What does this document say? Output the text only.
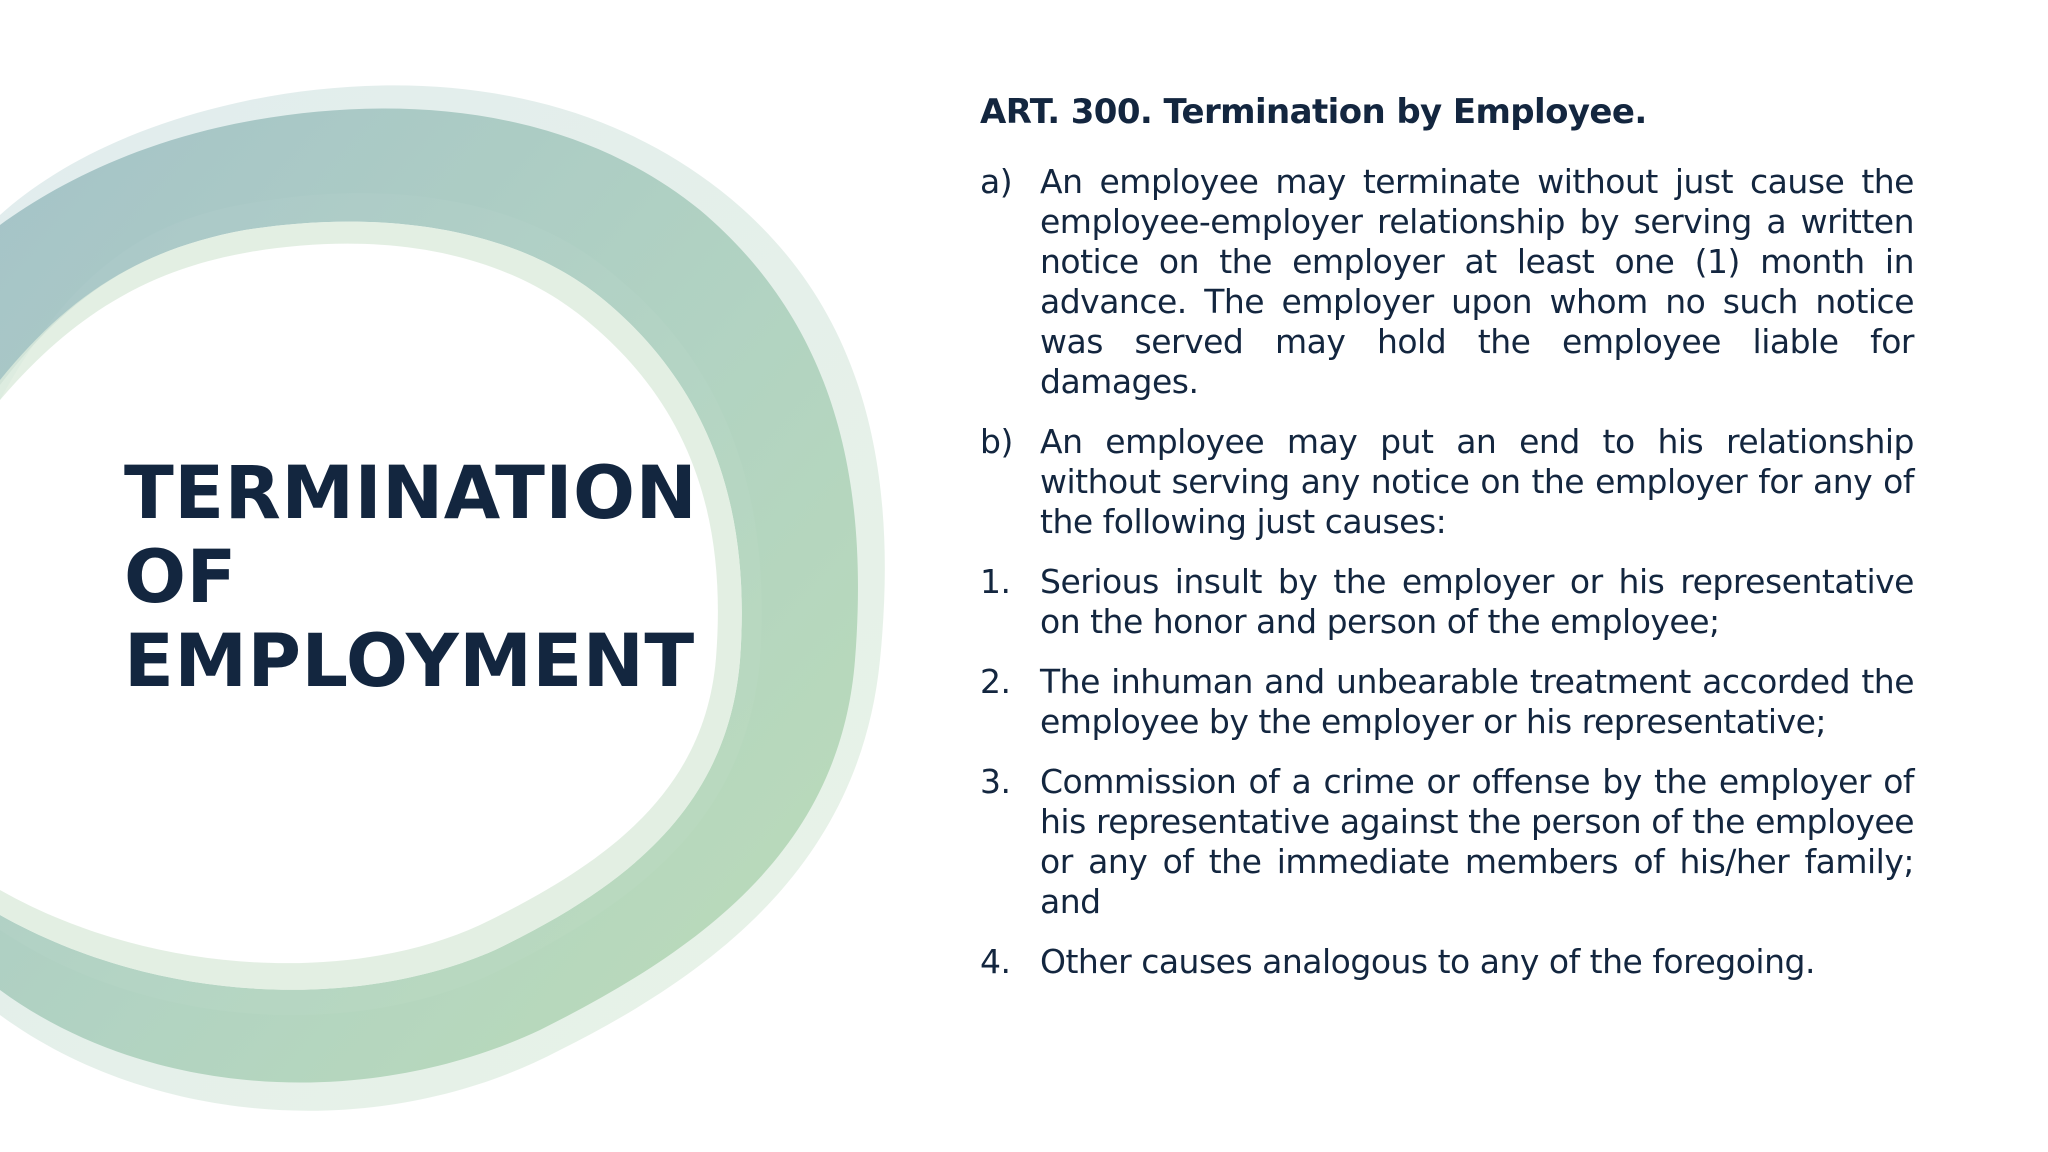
TERMINATION
OF
EMPLOYMENT

ART. 300. Termination by Employee.

a) An employee may terminate without just cause the employee-employer relationship by serving a written notice on the employer at least one (1) month in advance. The employer upon whom no such notice was served may hold the employee liable for damages.
b) An employee may put an end to his relationship without serving any notice on the employer for any of the following just causes:
1. Serious insult by the employer or his representative on the honor and person of the employee;
2. The inhuman and unbearable treatment accorded the employee by the employer or his representative;
3. Commission of a crime or offense by the employer of his representative against the person of the employee or any of the immediate members of his/her family; and
4. Other causes analogous to any of the foregoing.
